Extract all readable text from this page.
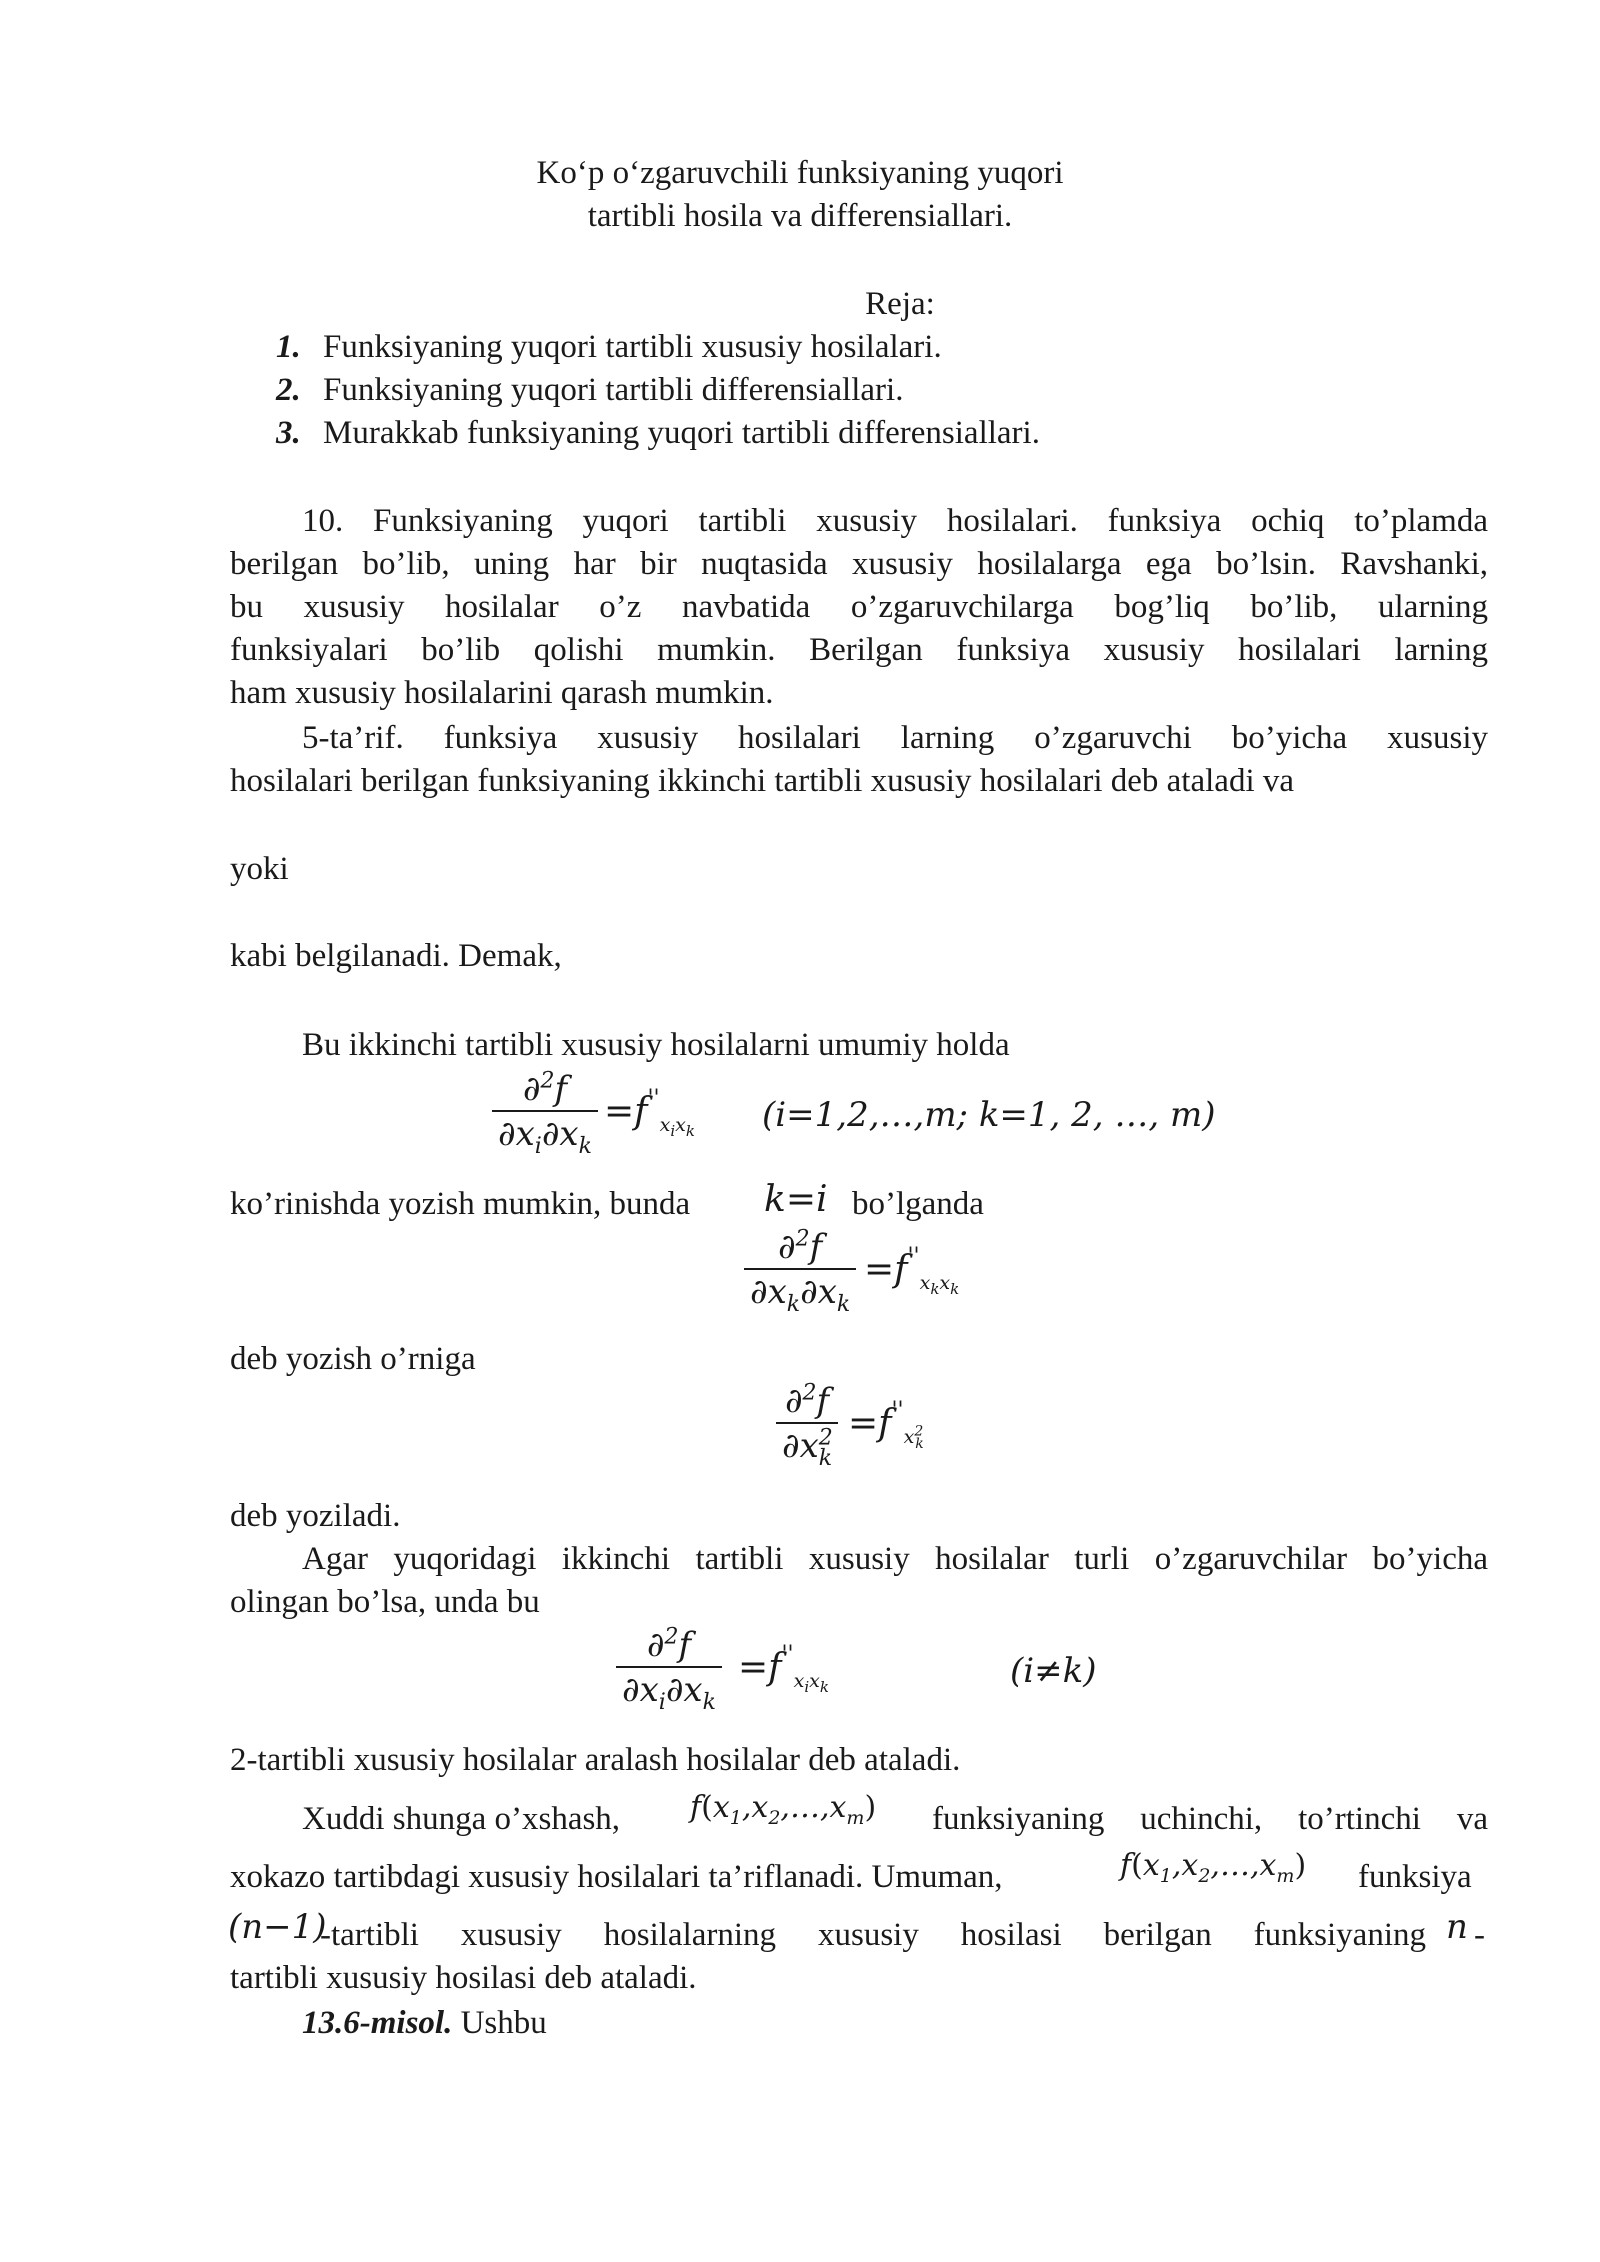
Ko‘p o‘zgaruvchili funksiyaning yuqori
tartibli hosila va differensiallari.
Reja:
1. Funksiyaning yuqori tartibli xususiy hosilalari.
2. Funksiyaning yuqori tartibli differensiallari.
3. Murakkab funksiyaning yuqori tartibli differensiallari.
10. Funksiyaning yuqori tartibli xususiy hosilalari. funksiya ochiq to’plamda
berilgan bo’lib, uning har bir nuqtasida xususiy hosilalarga ega bo’lsin. Ravshanki,
bu xususiy hosilalar o’z navbatida o’zgaruvchilarga bog’liq bo’lib, ularning
funksiyalari bo’lib qolishi mumkin. Berilgan funksiya xususiy hosilalari larning
ham xususiy hosilalarini qarash mumkin.
5-ta’rif. funksiya xususiy hosilalari larning o’zgaruvchi bo’yicha xususiy
hosilalari berilgan funksiyaning ikkinchi tartibli xususiy hosilalari deb ataladi va
yoki
kabi belgilanadi. Demak,
Bu ikkinchi tartibli xususiy hosilalarni umumiy holda
∂$^2$f
$\partial x_i\partial x_k$
$=f''_{x_ix_k}$ (i=1,2,…,m; k=1, 2, …, m)
ko’rinishda yozish mumkin, bunda k=i bo’lganda
∂$^2$f
$\partial x_k\partial x_k$
$=f''_{x_kx_k}$
deb yozish o’rniga
∂$^2$f
$\partial x^2_k$
$=f''_{x^2_k}$
deb yoziladi.
Agar yuqoridagi ikkinchi tartibli xususiy hosilalar turli o’zgaruvchilar bo’yicha
olingan bo’lsa, unda bu
∂$^2$f
$\partial x_i\partial x_k$
$=f''_{x_ix_k}$	(i≠k)
2-tartibli xususiy hosilalar aralash hosilalar deb ataladi.
Xuddi shunga o’xshash, $f(x_1,x_2,\dots,x_m)$ funksiyaning uchinchi, to’rtinchi va
xokazo tartibdagi xususiy hosilalari ta’riflanadi. Umuman,	$f(x_1,x_2,\dots,x_m)$ funksiya
(n−1)
-tartibli xususiy hosilalarning xususiy hosilasi berilgan funksiyaning n -
tartibli xususiy hosilasi deb ataladi.
13.6-misol. Ushbu
